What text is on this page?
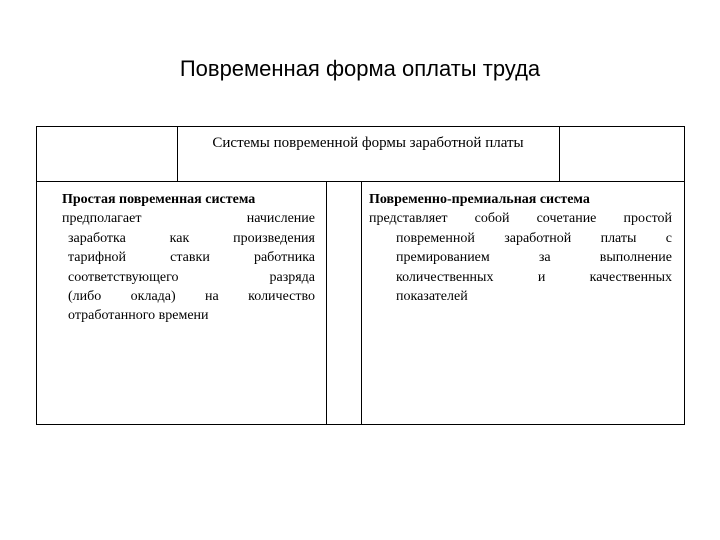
Повременная форма оплаты труда
Системы повременной формы заработной платы
Простая повременная система
предполагает начисление
заработка как произведения
тарифной ставки работника
соответствующего разряда
(либо оклада) на количество
отработанного времени
Повременно-премиальная система
представляет собой сочетание простой
повременной заработной платы с
премированием за выполнение
количественных и качественных
показателей
